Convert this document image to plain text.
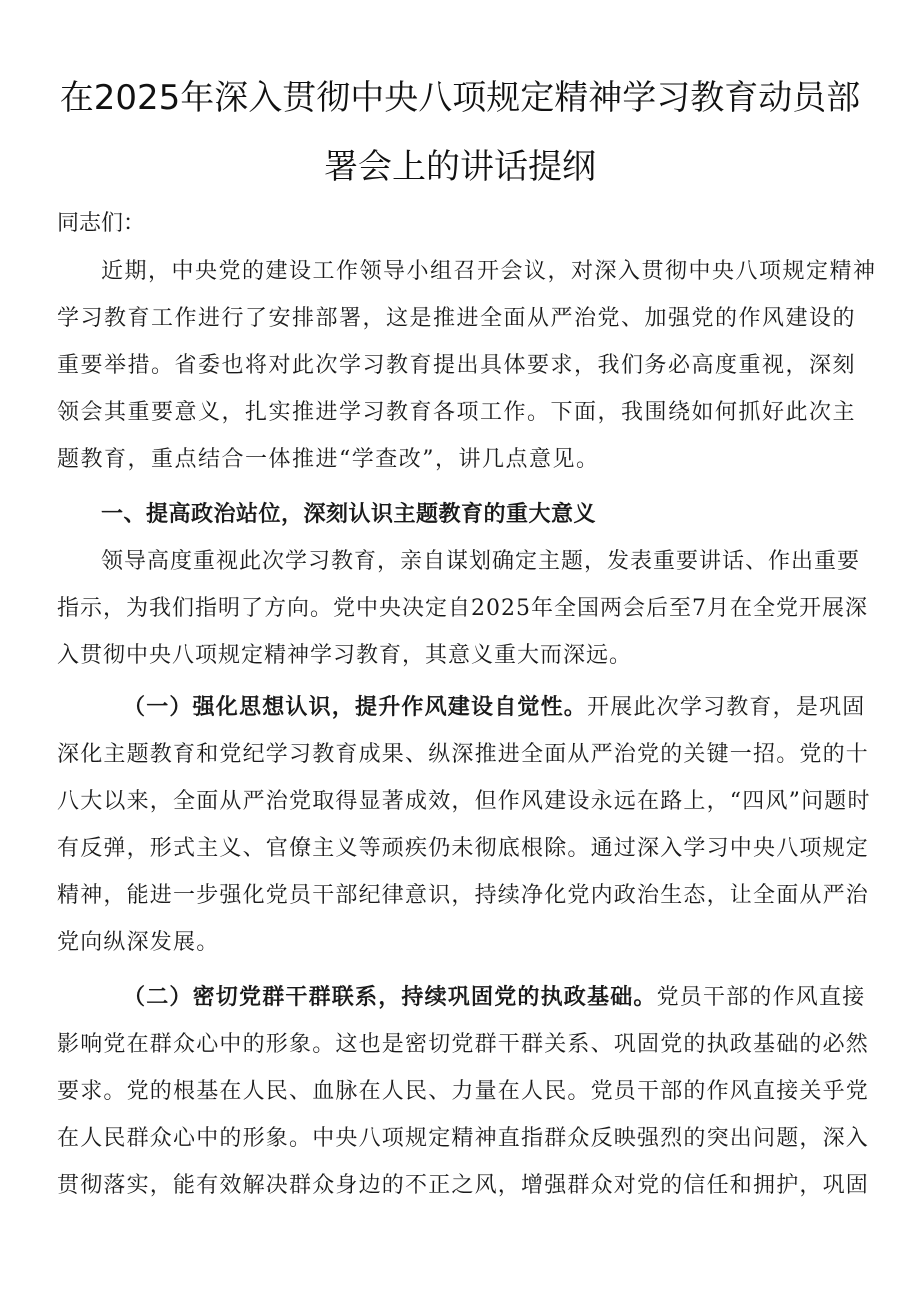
在2025年深入贯彻中央八项规定精神学习教育动员部
署会上的讲话提纲

同志们：

近期，中央党的建设工作领导小组召开会议，对深入贯彻中央八项规定精神学习教育工作进行了安排部署，这是推进全面从严治党、加强党的作风建设的重要举措。省委也将对此次学习教育提出具体要求，我们务必高度重视，深刻领会其重要意义，扎实推进学习教育各项工作。下面，我围绕如何抓好此次主题教育，重点结合一体推进“学查改”，讲几点意见。

一、提高政治站位，深刻认识主题教育的重大意义

领导高度重视此次学习教育，亲自谋划确定主题，发表重要讲话、作出重要指示，为我们指明了方向。党中央决定自2025年全国两会后至7月在全党开展深入贯彻中央八项规定精神学习教育，其意义重大而深远。

（一）强化思想认识，提升作风建设自觉性。开展此次学习教育，是巩固深化主题教育和党纪学习教育成果、纵深推进全面从严治党的关键一招。党的十八大以来，全面从严治党取得显著成效，但作风建设永远在路上，“四风”问题时有反弹，形式主义、官僚主义等顽疾仍未彻底根除。通过深入学习中央八项规定精神，能进一步强化党员干部纪律意识，持续净化党内政治生态，让全面从严治党向纵深发展。

（二）密切党群干群联系，持续巩固党的执政基础。党员干部的作风直接影响党在群众心中的形象。这也是密切党群干群关系、巩固党的执政基础的必然要求。党的根基在人民、血脉在人民、力量在人民。党员干部的作风直接关乎党在人民群众心中的形象。中央八项规定精神直指群众反映强烈的突出问题，深入贯彻落实，能有效解决群众身边的不正之风，增强群众对党的信任和拥护，巩固
